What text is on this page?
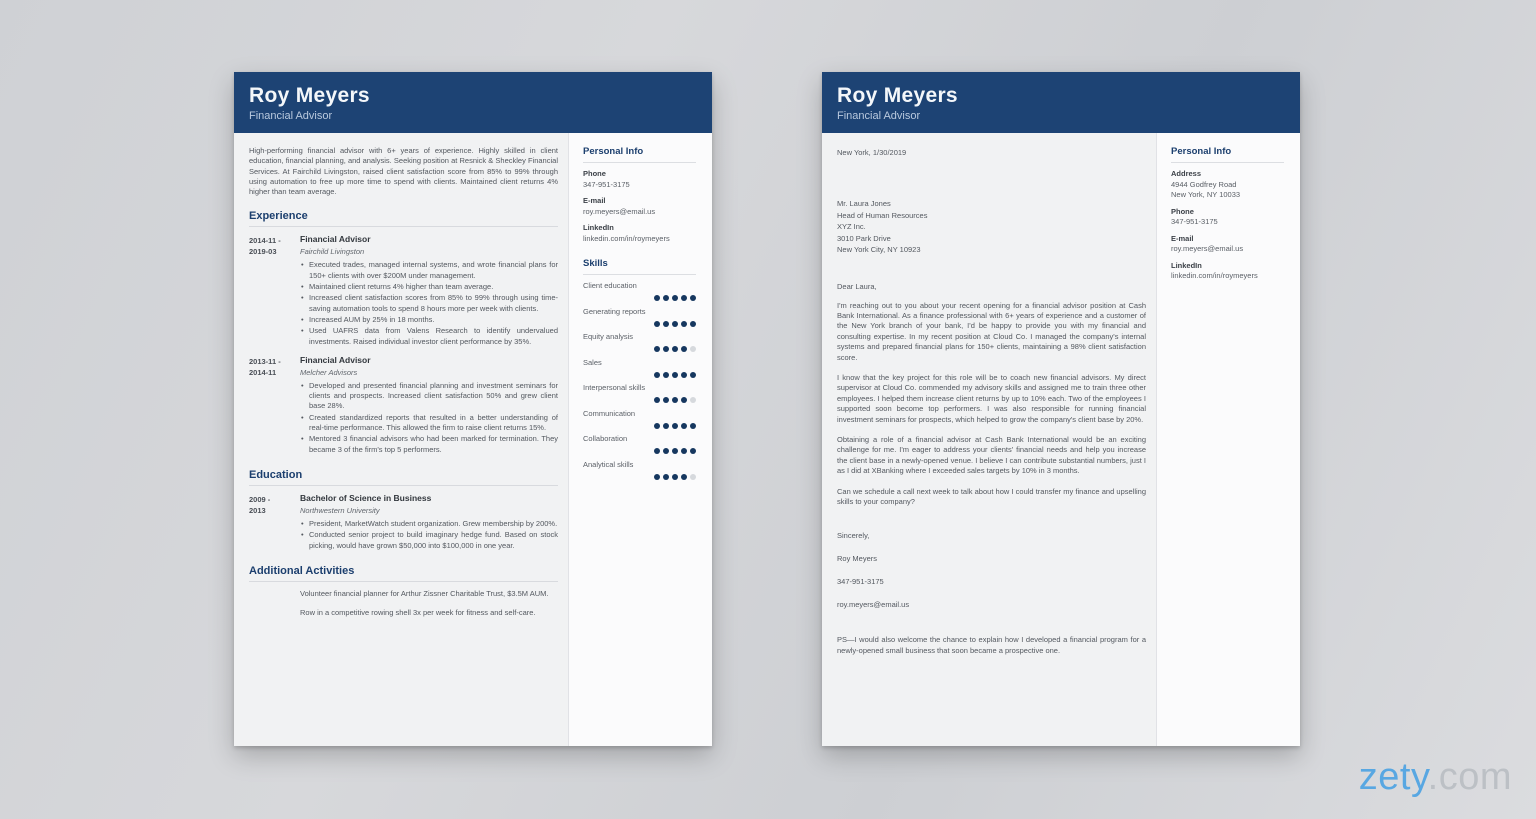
Roy Meyers
Financial Advisor

High-performing financial advisor with 6+ years of experience. Highly skilled in client education, financial planning, and analysis. Seeking position at Resnick & Sheckley Financial Services. At Fairchild Livingston, raised client satisfaction score from 85% to 99% through using automation to free up more time to spend with clients. Maintained client returns 4% higher than team average.

Experience
2014-11 -
2019-03
Financial Advisor
Fairchild Livingston
• Executed trades, managed internal systems, and wrote financial plans for 150+ clients with over $200M under management.
• Maintained client returns 4% higher than team average.
• Increased client satisfaction scores from 85% to 99% through using time-saving automation tools to spend 8 hours more per week with clients.
• Increased AUM by 25% in 18 months.
• Used UAFRS data from Valens Research to identify undervalued investments. Raised individual investor client performance by 35%.
2013-11 -
2014-11
Financial Advisor
Melcher Advisors
• Developed and presented financial planning and investment seminars for clients and prospects. Increased client satisfaction 50% and grew client base 28%.
• Created standardized reports that resulted in a better understanding of real-time performance. This allowed the firm to raise client returns 15%.
• Mentored 3 financial advisors who had been marked for termination. They became 3 of the firm's top 5 performers.
Education
2009 -
2013
Bachelor of Science in Business
Northwestern University
• President, MarketWatch student organization. Grew membership by 200%.
• Conducted senior project to build imaginary hedge fund. Based on stock picking, would have grown $50,000 into $100,000 in one year.
Additional Activities

Volunteer financial planner for Arthur Zissner Charitable Trust, $3.5M AUM.

Row in a competitive rowing shell 3x per week for fitness and self-care.

Personal Info
Phone
347-951-3175
E-mail
roy.meyers@email.us
LinkedIn
linkedin.com/in/roymeyers
Skills
Client education
Generating reports
Equity analysis
Sales
Interpersonal skills
Communication
Collaboration
Analytical skills
Roy Meyers
Financial Advisor
New York, 1/30/2019
Mr. Laura Jones
Head of Human Resources
XYZ Inc.
3010 Park Drive
New York City, NY 10923
Dear Laura,

I'm reaching out to you about your recent opening for a financial advisor position at Cash Bank International. As a finance professional with 6+ years of experience and a customer of the New York branch of your bank, I'd be happy to provide you with my financial and consulting expertise. In my recent position at Cloud Co. I managed the company's internal systems and prepared financial plans for 150+ clients, maintaining a 98% client satisfaction score.

I know that the key project for this role will be to coach new financial advisors. My direct supervisor at Cloud Co. commended my advisory skills and assigned me to train three other employees. I helped them increase client returns by up to 10% each. Two of the employees I supported soon become top performers. I was also responsible for running financial investment seminars for prospects, which helped to grow the company's client base by 20%.

Obtaining a role of a financial advisor at Cash Bank International would be an exciting challenge for me. I'm eager to address your clients' financial needs and help you increase the client base in a newly-opened venue. I believe I can contribute substantial numbers, just I as I did at XBanking where I exceeded sales targets by 10% in 3 months.

Can we schedule a call next week to talk about how I could transfer my finance and upselling skills to your company?

Sincerely,
Roy Meyers
347-951-3175
roy.meyers@email.us

PS—I would also welcome the chance to explain how I developed a financial program for a newly-opened small business that soon became a prospective one.

Personal Info
Address
4944 Godfrey Road
New York, NY 10033
Phone
347-951-3175
E-mail
roy.meyers@email.us
LinkedIn
linkedin.com/in/roymeyers
zety.com
